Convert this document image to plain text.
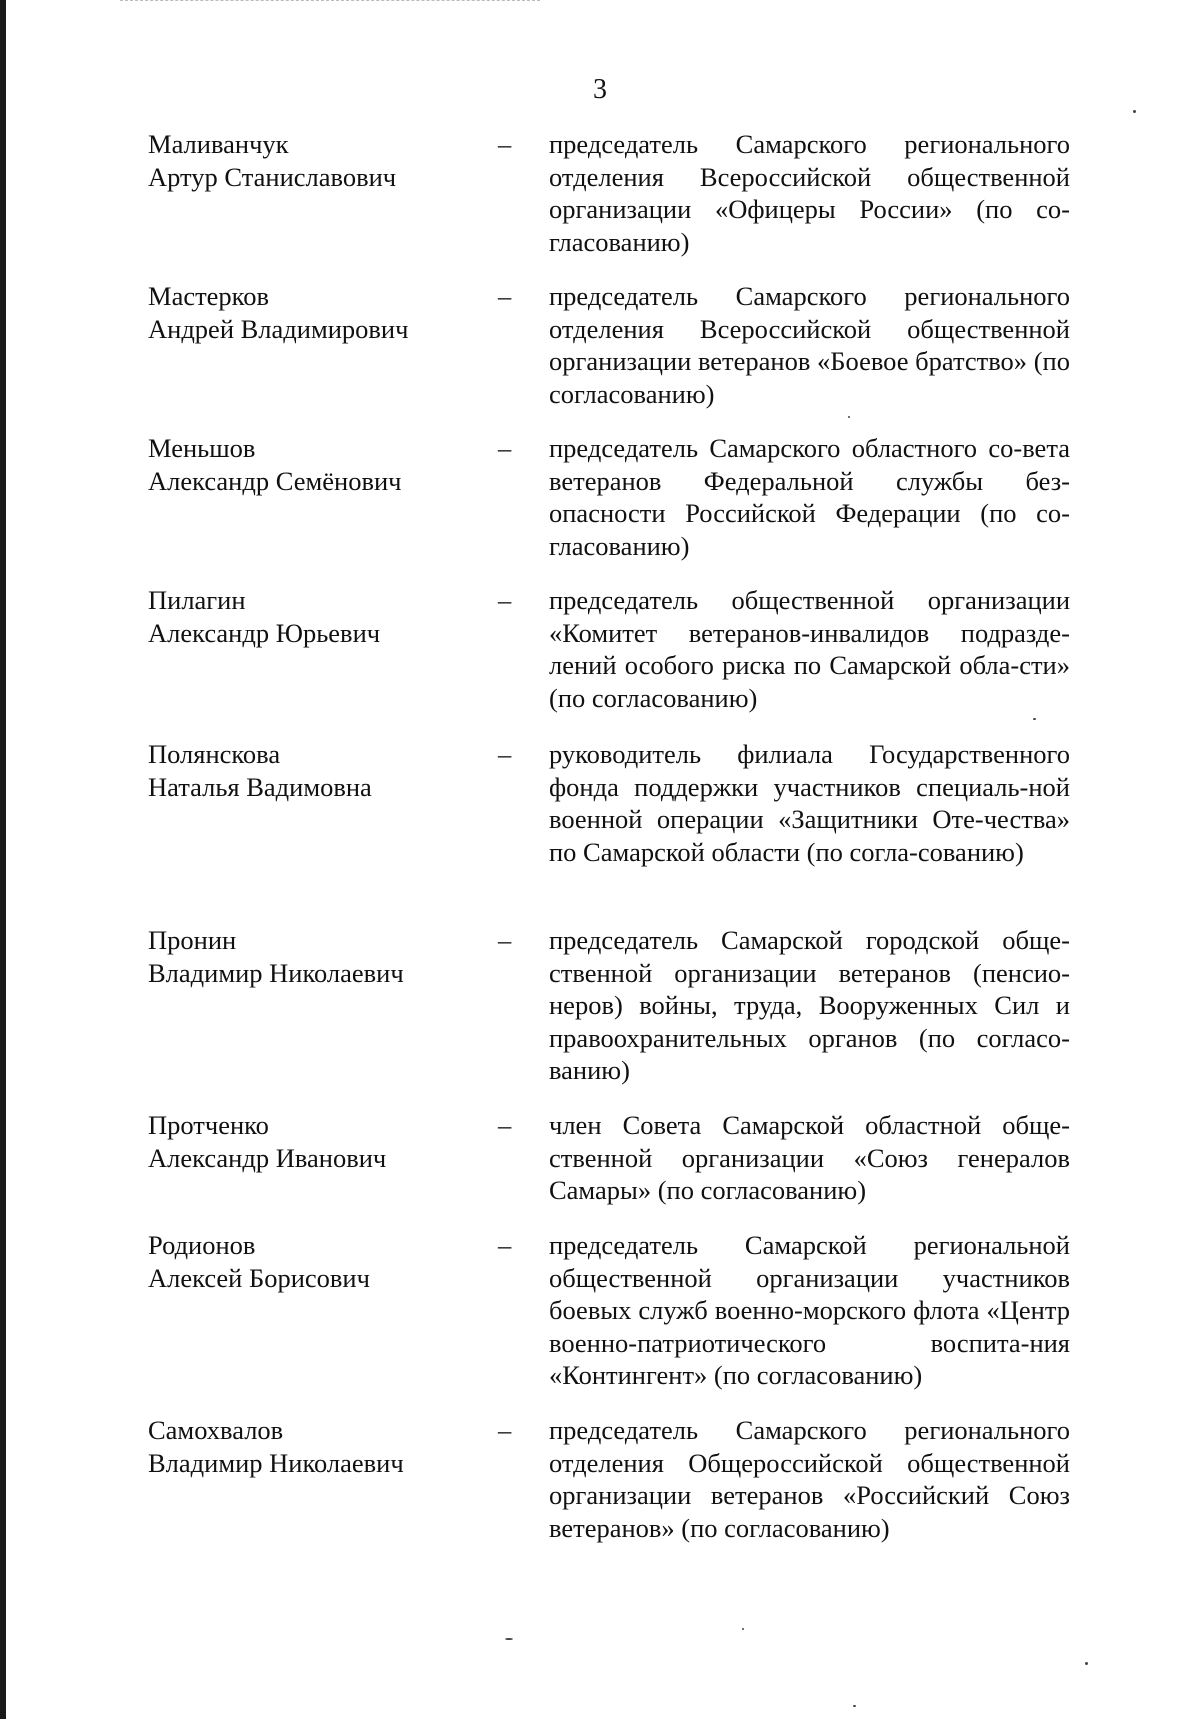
3
Маливанчук
Артур Станиславович
– председатель Самарского регионального отделения Всероссийской общественной организации «Офицеры России» (по со-гласованию)
Мастерков
Андрей Владимирович
– председатель Самарского регионального отделения Всероссийской общественной организации ветеранов «Боевое братство» (по согласованию)
Меньшов
Александр Семёнович
– председатель Самарского областного со-вета ветеранов Федеральной службы без-опасности Российской Федерации (по со-гласованию)
Пилагин
Александр Юрьевич
– председатель общественной организации «Комитет ветеранов-инвалидов подразде-лений особого риска по Самарской обла-сти» (по согласованию)
Полянскова
Наталья Вадимовна
– руководитель филиала Государственного фонда поддержки участников специаль-ной военной операции «Защитники Оте-чества» по Самарской области (по согла-сованию)
Пронин
Владимир Николаевич
– председатель Самарской городской обще-ственной организации ветеранов (пенсио-неров) войны, труда, Вооруженных Сил и правоохранительных органов (по согласо-ванию)
Протченко
Александр Иванович
– член Совета Самарской областной обще-ственной организации «Союз генералов Самары» (по согласованию)
Родионов
Алексей Борисович
– председатель Самарской региональной общественной организации участников боевых служб военно-морского флота «Центр военно-патриотического воспита-ния «Контингент» (по согласованию)
Самохвалов
Владимир Николаевич
– председатель Самарского регионального отделения Общероссийской общественной организации ветеранов «Российский Союз ветеранов» (по согласованию)
